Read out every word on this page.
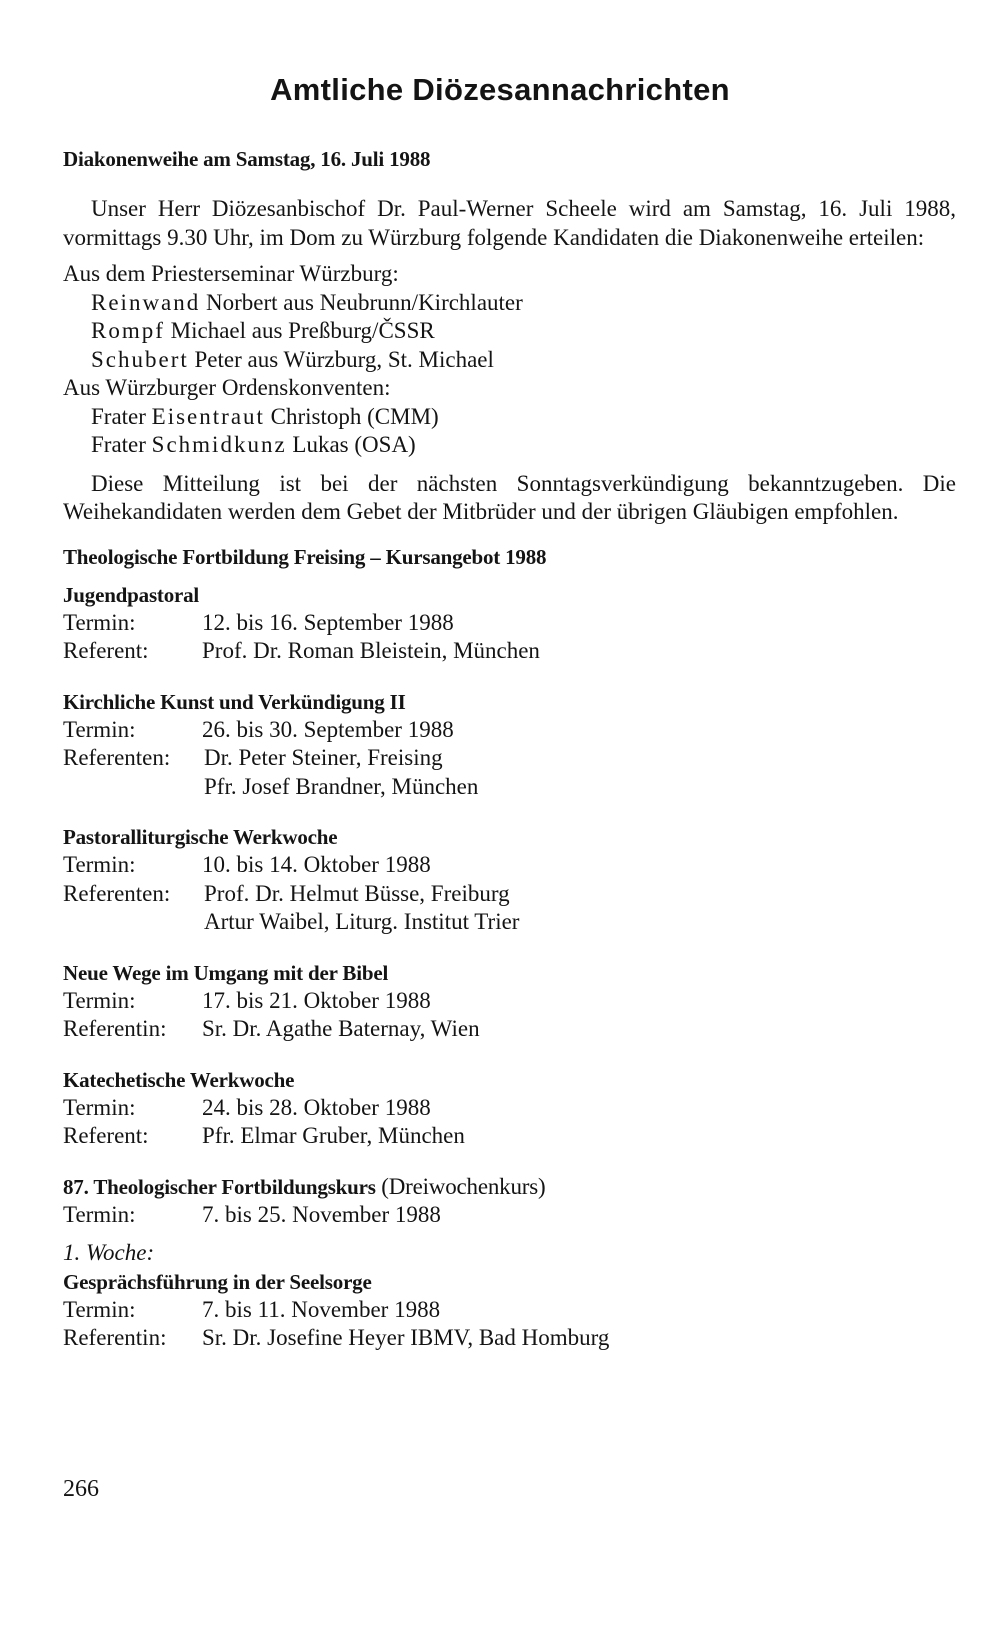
Amtliche Diözesannachrichten
Diakonenweihe am Samstag, 16. Juli 1988
Unser Herr Diözesanbischof Dr. Paul-Werner Scheele wird am Samstag, 16. Juli 1988, vormittags 9.30 Uhr, im Dom zu Würzburg folgende Kandidaten die Diakonenweihe erteilen:
Aus dem Priesterseminar Würzburg:
Reinwand Norbert aus Neubrunn/Kirchlauter
Rompf Michael aus Preßburg/ČSSR
Schubert Peter aus Würzburg, St. Michael
Aus Würzburger Ordenskonventen:
Frater Eisentraut Christoph (CMM)
Frater Schmidkunz Lukas (OSA)
Diese Mitteilung ist bei der nächsten Sonntagsverkündigung bekanntzugeben. Die Weihekandidaten werden dem Gebet der Mitbrüder und der übrigen Gläubigen empfohlen.
Theologische Fortbildung Freising – Kursangebot 1988
Jugendpastoral
Termin:	12. bis 16. September 1988
Referent:	Prof. Dr. Roman Bleistein, München
Kirchliche Kunst und Verkündigung II
Termin:	26. bis 30. September 1988
Referenten:	Dr. Peter Steiner, Freising
Pfr. Josef Brandner, München
Pastoralliturgische Werkwoche
Termin:	10. bis 14. Oktober 1988
Referenten:	Prof. Dr. Helmut Büsse, Freiburg
Artur Waibel, Liturg. Institut Trier
Neue Wege im Umgang mit der Bibel
Termin:	17. bis 21. Oktober 1988
Referentin:	Sr. Dr. Agathe Baternay, Wien
Katechetische Werkwoche
Termin:	24. bis 28. Oktober 1988
Referent:	Pfr. Elmar Gruber, München
87. Theologischer Fortbildungskurs (Dreiwochenkurs)
Termin:	7. bis 25. November 1988
1. Woche:
Gesprächsführung in der Seelsorge
Termin:	7. bis 11. November 1988
Referentin:	Sr. Dr. Josefine Heyer IBMV, Bad Homburg
266
